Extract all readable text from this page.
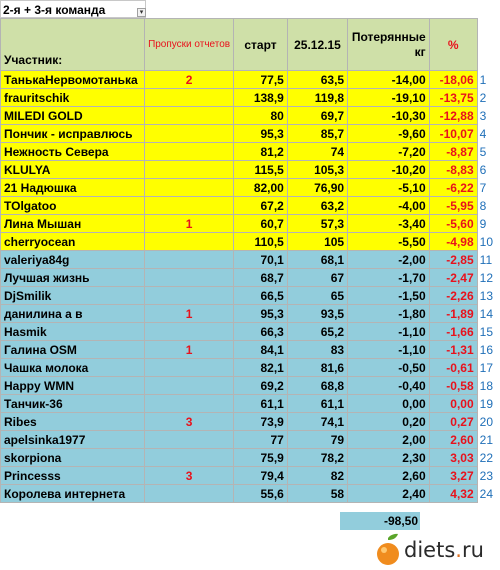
2-я + 3-я команда	▾
Участник:	Пропуски отчетов	старт	25.12.15	Потерянные кг	%	
ТанькаНервомотанька	2	77,5	63,5	-14,00	-18,06	1
frauritschik		138,9	119,8	-19,10	-13,75	2
MILEDI GOLD		80	69,7	-10,30	-12,88	3
Пончик - исправлюсь		95,3	85,7	-9,60	-10,07	4
Нежность Севера		81,2	74	-7,20	-8,87	5
KLULYA		115,5	105,3	-10,20	-8,83	6
21 Надюшка		82,00	76,90	-5,10	-6,22	7
TOlgatoo		67,2	63,2	-4,00	-5,95	8
Лина Мышан	1	60,7	57,3	-3,40	-5,60	9
cherryocean		110,5	105	-5,50	-4,98	10
valeriya84g		70,1	68,1	-2,00	-2,85	11
Лучшая жизнь		68,7	67	-1,70	-2,47	12
DjSmilik		66,5	65	-1,50	-2,26	13
данилина а в	1	95,3	93,5	-1,80	-1,89	14
Hasmik		66,3	65,2	-1,10	-1,66	15
Галина OSM	1	84,1	83	-1,10	-1,31	16
Чашка молока		82,1	81,6	-0,50	-0,61	17
Happy WMN		69,2	68,8	-0,40	-0,58	18
Танчик-36		61,1	61,1	0,00	0,00	19
Ribes	3	73,9	74,1	0,20	0,27	20
apelsinka1977		77	79	2,00	2,60	21
skorpiona		75,9	78,2	2,30	3,03	22
Princesss	3	79,4	82	2,60	3,27	23
Королева интернета		55,6	58	2,40	4,32	24
-98,50
diets.ru
